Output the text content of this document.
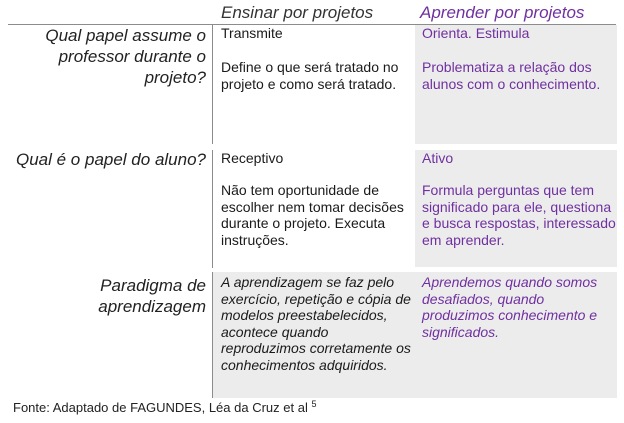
Ensinar por projetos	Aprender por projetos
Qual papel assume o professor durante o projeto?
Transmite
Define o que será tratado no projeto e como será tratado.
Orienta. Estimula
Problematiza a relação dos alunos com o conhecimento.
Qual é o papel do aluno? Receptivo
Não tem oportunidade de escolher nem tomar decisões durante o projeto. Executa instruções.
Ativo
Formula perguntas que tem significado para ele, questiona e busca respostas, interessado em aprender.
Paradigma de aprendizagem
A aprendizagem se faz pelo exercício, repetição e cópia de modelos preestabelecidos, acontece quando reproduzimos corretamente os conhecimentos adquiridos.
Aprendemos quando somos desafiados, quando produzimos conhecimento e significados.
Fonte: Adaptado de FAGUNDES, Léa da Cruz et al $^5$
